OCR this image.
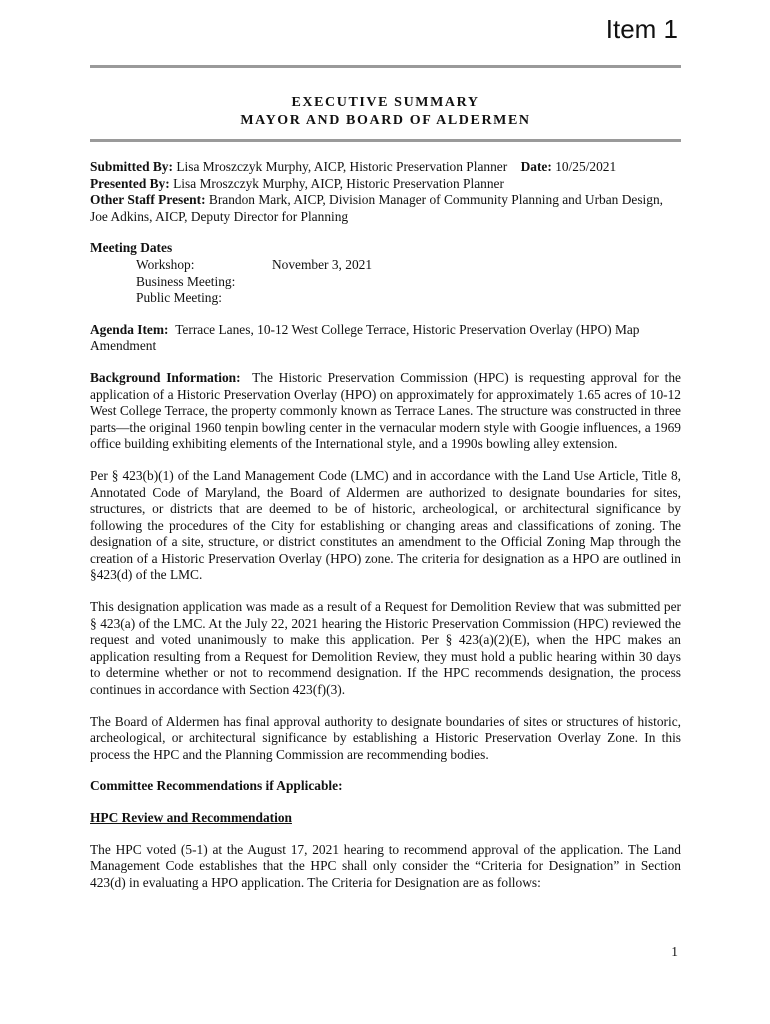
Item 1
EXECUTIVE SUMMARY
MAYOR AND BOARD OF ALDERMEN

Submitted By: Lisa Mroszczyk Murphy, AICP, Historic Preservation Planner Date: 10/25/2021

Presented By: Lisa Mroszczyk Murphy, AICP, Historic Preservation Planner

Other Staff Present: Brandon Mark, AICP, Division Manager of Community Planning and Urban Design, Joe Adkins, AICP, Deputy Director for Planning

Meeting Dates

Workshop:	November 3, 2021
Business Meeting:
Public Meeting:

Agenda Item: Terrace Lanes, 10-12 West College Terrace, Historic Preservation Overlay (HPO) Map Amendment

Background Information: The Historic Preservation Commission (HPC) is requesting approval for the application of a Historic Preservation Overlay (HPO) on approximately for approximately 1.65 acres of 10-12 West College Terrace, the property commonly known as Terrace Lanes. The structure was constructed in three parts—the original 1960 tenpin bowling center in the vernacular modern style with Googie influences, a 1969 office building exhibiting elements of the International style, and a 1990s bowling alley extension.

Per § 423(b)(1) of the Land Management Code (LMC) and in accordance with the Land Use Article, Title 8, Annotated Code of Maryland, the Board of Aldermen are authorized to designate boundaries for sites, structures, or districts that are deemed to be of historic, archeological, or architectural significance by following the procedures of the City for establishing or changing areas and classifications of zoning. The designation of a site, structure, or district constitutes an amendment to the Official Zoning Map through the creation of a Historic Preservation Overlay (HPO) zone. The criteria for designation as a HPO are outlined in §423(d) of the LMC.

This designation application was made as a result of a Request for Demolition Review that was submitted per § 423(a) of the LMC. At the July 22, 2021 hearing the Historic Preservation Commission (HPC) reviewed the request and voted unanimously to make this application. Per § 423(a)(2)(E), when the HPC makes an application resulting from a Request for Demolition Review, they must hold a public hearing within 30 days to determine whether or not to recommend designation. If the HPC recommends designation, the process continues in accordance with Section 423(f)(3).

The Board of Aldermen has final approval authority to designate boundaries of sites or structures of historic, archeological, or architectural significance by establishing a Historic Preservation Overlay Zone. In this process the HPC and the Planning Commission are recommending bodies.

Committee Recommendations if Applicable:

HPC Review and Recommendation

The HPC voted (5-1) at the August 17, 2021 hearing to recommend approval of the application. The Land Management Code establishes that the HPC shall only consider the “Criteria for Designation” in Section 423(d) in evaluating a HPO application. The Criteria for Designation are as follows:

1
